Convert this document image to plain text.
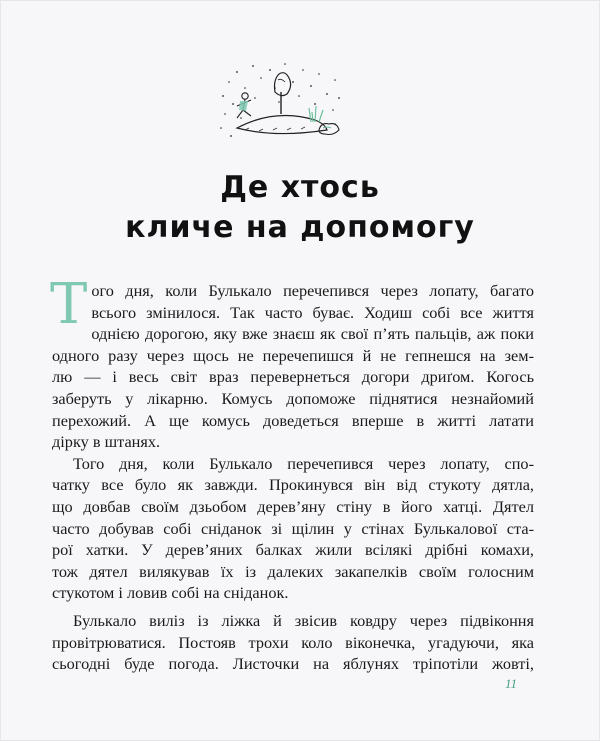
Де хтось
кличе на допомогу
Т ого дня, коли Булькало перечепився через лопату, багато
всього змінилося. Так часто буває. Ходиш собі все життя
однією дорогою, яку вже знаєш як свої п’ять пальців, аж поки
одного разу через щось не перечепишся й не гепнешся на зем-
лю — і весь світ враз перевернеться догори дриґом. Когось
заберуть у лікарню. Комусь допоможе піднятися незнайомий
перехожий. А ще комусь доведеться вперше в житті латати
дірку в штанях.
Того дня, коли Булькало перечепився через лопату, спо-
чатку все було як завжди. Прокинувся він від стукоту дятла,
що довбав своїм дзьобом дерев’яну стіну в його хатці. Дятел
часто добував собі сніданок зі щілин у стінах Булькалової ста-
рої хатки. У дерев’яних балках жили всілякі дрібні комахи,
тож дятел вилякував їх із далеких закапелків своїм голосним
стукотом і ловив собі на сніданок.
Булькало виліз із ліжка й звісив ковдру через підвіконня
провітрюватися. Постояв трохи коло віконечка, угадуючи, яка
сьогодні буде погода. Листочки на яблунях тріпотіли жовті,
11
